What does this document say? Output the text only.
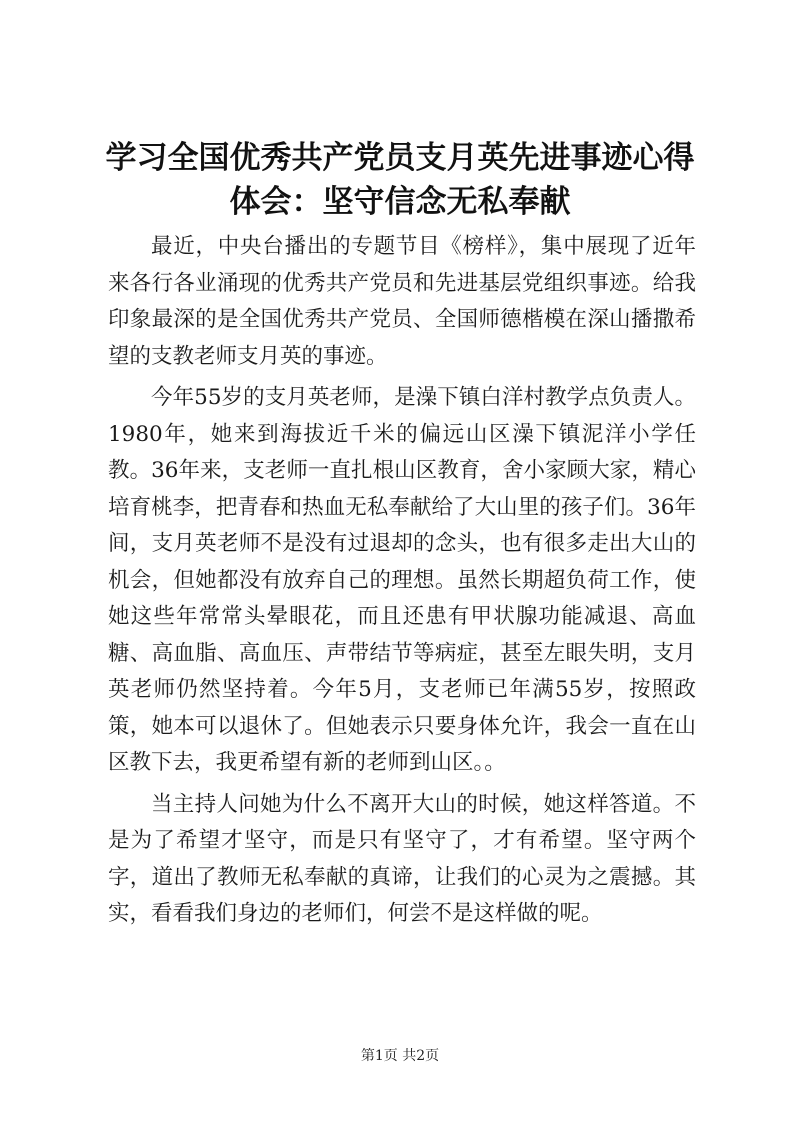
学习全国优秀共产党员支月英先进事迹心得体会：坚守信念无私奉献

最近，中央台播出的专题节目《榜样》，集中展现了近年来各行各业涌现的优秀共产党员和先进基层党组织事迹。给我印象最深的是全国优秀共产党员、全国师德楷模在深山播撒希望的支教老师支月英的事迹。

今年55岁的支月英老师，是澡下镇白洋村教学点负责人。1980年，她来到海拔近千米的偏远山区澡下镇泥洋小学任教。36年来，支老师一直扎根山区教育，舍小家顾大家，精心培育桃李，把青春和热血无私奉献给了大山里的孩子们。36年间，支月英老师不是没有过退却的念头，也有很多走出大山的机会，但她都没有放弃自己的理想。虽然长期超负荷工作，使她这些年常常头晕眼花，而且还患有甲状腺功能减退、高血糖、高血脂、高血压、声带结节等病症，甚至左眼失明，支月英老师仍然坚持着。今年5月，支老师已年满55岁，按照政策，她本可以退休了。但她表示只要身体允许，我会一直在山区教下去，我更希望有新的老师到山区。。

当主持人问她为什么不离开大山的时候，她这样答道。不是为了希望才坚守，而是只有坚守了，才有希望。坚守两个字，道出了教师无私奉献的真谛，让我们的心灵为之震撼。其实，看看我们身边的老师们，何尝不是这样做的呢。

第1页 共2页
